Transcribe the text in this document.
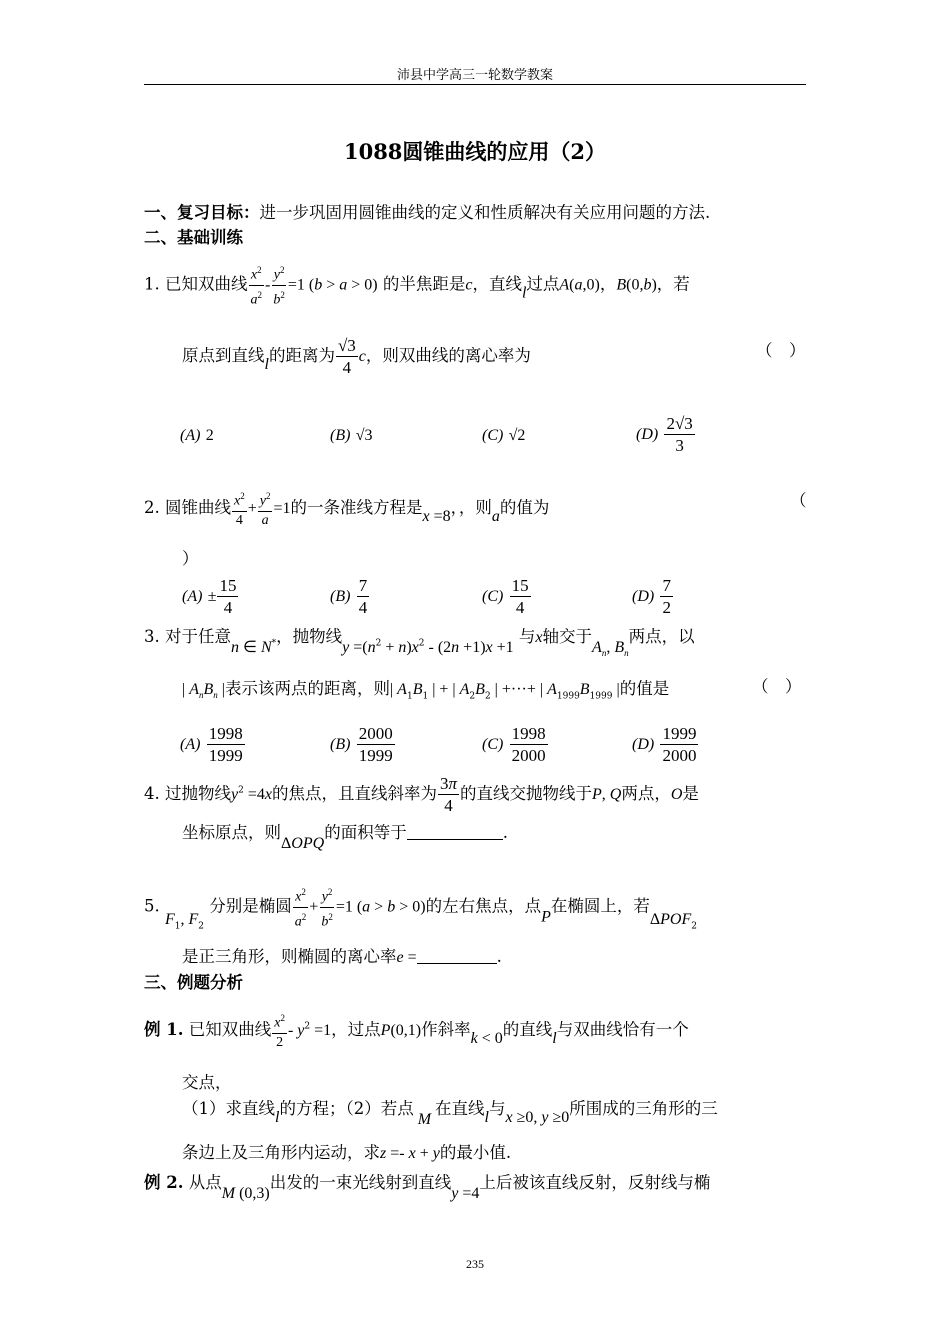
沛县中学高三一轮数学教案
1088圆锥曲线的应用（2）
一、复习目标：进一步巩固用圆锥曲线的定义和性质解决有关应用问题的方法.
二、基础训练
1. 已知双曲线 $\frac{x^2}{a^2} - \frac{y^2}{b^2} =1$ (b > a > 0) 的半焦距是c，直线l过点A(a,0)，B(0,b)，若
原点到直线l的距离为 $\frac{√3}{4}$ c，则双曲线的离心率为	（　）
(A) 2	(B) √3	(C) √2	$(D) \frac{2√3}{3}$
2. 圆锥曲线 $\frac{x^2}{4} + \frac{y^2}{a} =1$的一条准线方程是x =8，，则a的值为	（
）
$(A) \pm \frac{15}{4}$	$(B) \frac{7}{4}$	$(C) \frac{15}{4}$	$(D) \frac{7}{2}$
3. 对于任意n ∈ N*，抛物线$y =(n^2 + n)x^2 - (2n +1)x +1$ 与x轴交于$A_n$, $B_n$两点，以
| $A_nB_n$ |表示该两点的距离，则| $A_1B_1$ | + | $A_2B_2$ | +···+ | $A_{1999}B_{1999}$ |的值是	（　）
$(A) \frac{1998}{1999}$	$(B) \frac{2000}{1999}$	$(C) \frac{1998}{2000}$	$(D) \frac{1999}{2000}$
4. 过抛物线$y^2 =4x$的焦点，且直线斜率为 $\frac{3\pi}{4}$ 的直线交抛物线于P, Q两点，O是
坐标原点，则ΔOPQ的面积等于	.
5. $F_1$, $F_2$ 分别是椭圆 $\frac{x^2}{a^2} + \frac{y^2}{b^2} =1$ (a > b > 0)的左右焦点，点P在椭圆上，若$\Delta POF_2$
是正三角形，则椭圆的离心率e =	.
三、例题分析
例 1. 已知双曲线 $\frac{x^2}{2} - y^2 =1$，过点P(0,1)作斜率k < 0的直线l与双曲线恰有一个
交点，
（1）求直线l的方程；（2）若点 M 在直线l与x ≥0, y ≥0所围成的三角形的三
条边上及三角形内运动，求z =- x + y的最小值.
例 2. 从点M (0,3)出发的一束光线射到直线y =4上后被该直线反射，反射线与椭
235
